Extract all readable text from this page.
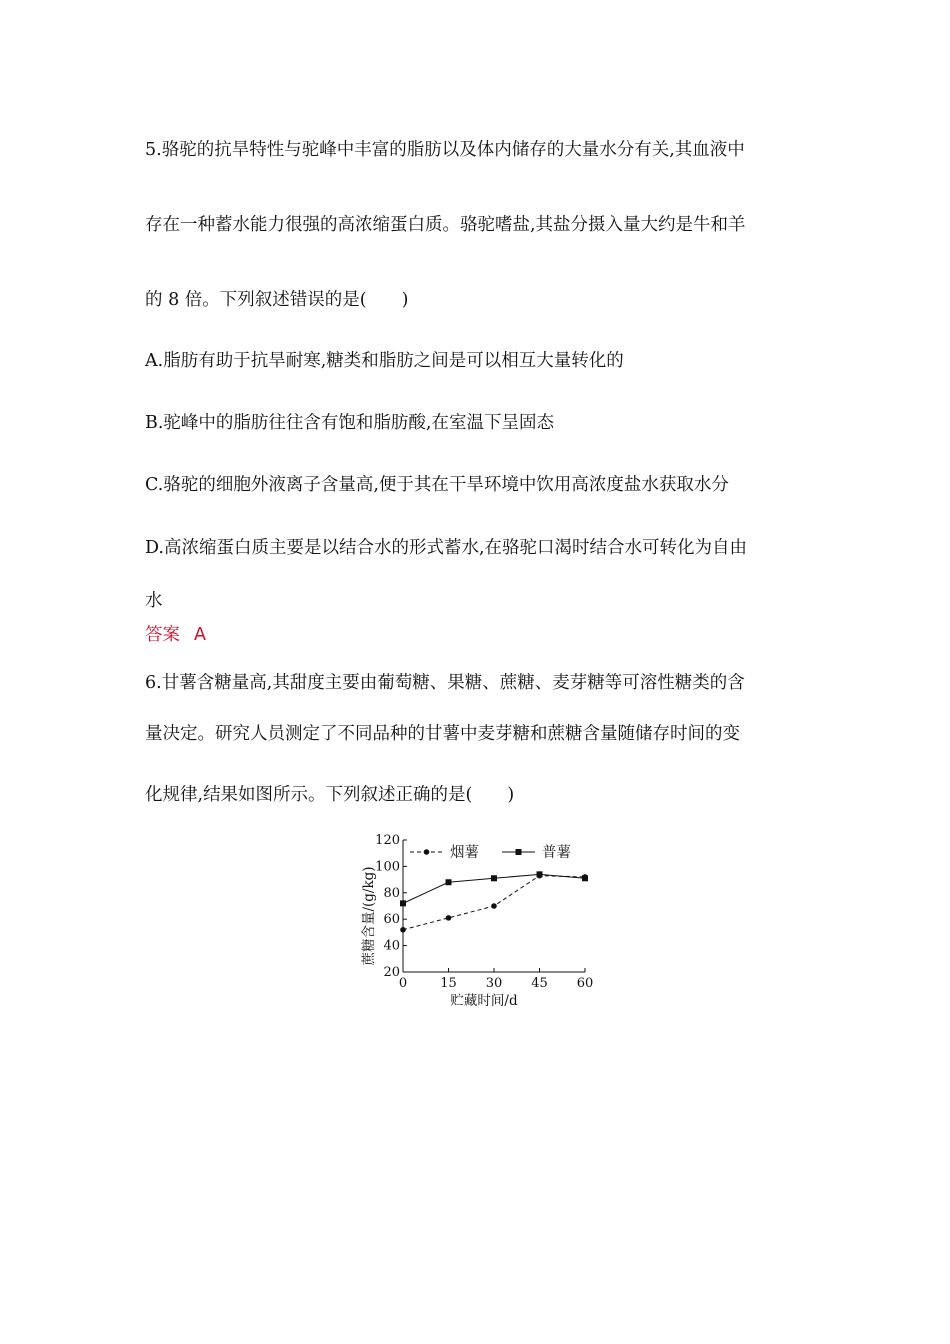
5.骆驼的抗旱特性与驼峰中丰富的脂肪以及体内储存的大量水分有关,其血液中
存在一种蓄水能力很强的高浓缩蛋白质。骆驼嗜盐,其盐分摄入量大约是牛和羊
的 8 倍。下列叙述错误的是(　　)
A.脂肪有助于抗旱耐寒,糖类和脂肪之间是可以相互大量转化的
B.驼峰中的脂肪往往含有饱和脂肪酸,在室温下呈固态
C.骆驼的细胞外液离子含量高,便于其在干旱环境中饮用高浓度盐水获取水分
D.高浓缩蛋白质主要是以结合水的形式蓄水,在骆驼口渴时结合水可转化为自由
水
答案 A
6.甘薯含糖量高,其甜度主要由葡萄糖、果糖、蔗糖、麦芽糖等可溶性糖类的含
量决定。研究人员测定了不同品种的甘薯中麦芽糖和蔗糖含量随储存时间的变
化规律,结果如图所示。下列叙述正确的是(　　)
20
40
60
80
100
120
0	15 30 45 60
贮藏时间/d
蔗糖含量/(g/kg)
烟薯	普薯
